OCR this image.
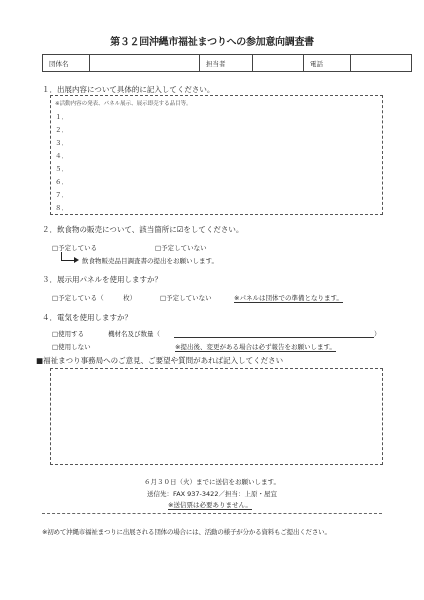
第３２回沖縄市福祉まつりへの参加意向調査書
団体名		担当者		電話	
１．出展内容について具体的に記入してください。
※活動内容の発表、パネル展示、展示即売する品目等。
１．
２．
３．
４．
５．
６．
７．
８．
２．飲食物の販売について、該当箇所に☑をしてください。
□予定している	□予定していない
飲食物販売品目調査書の提出をお願いします。
３．展示用パネルを使用しますか？
□予定している（　　　枚）	□予定していない	※パネルは団体での準備となります。
４．電気を使用しますか？
□使用する	機材名及び数量（	）
□使用しない	※提出後、変更がある場合は必ず報告をお願いします。
■福祉まつり事務局へのご意見、ご要望や質問があれば記入してください
６月３０日（火）までに送信をお願いします。
送信先：FAX 937-3422／担当：上原・屋宜
※送信票は必要ありません。
※初めて沖縄市福祉まつりに出展される団体の場合には、活動の様子が分かる資料もご提出ください。
